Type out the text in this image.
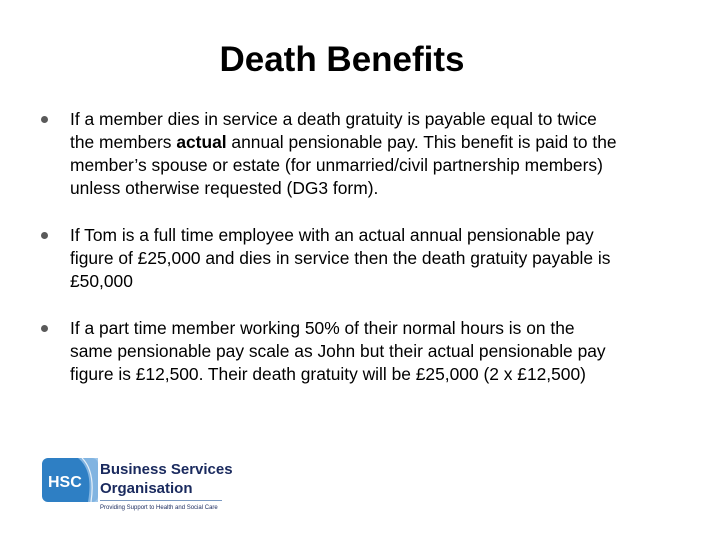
Death Benefits
If a member dies in service a death gratuity is payable equal to twice
the members actual annual pensionable pay. This benefit is paid to the
member’s spouse or estate (for unmarried/civil partnership members)
unless otherwise requested (DG3 form).
If Tom is a full time employee with an actual annual pensionable pay
figure of £25,000 and dies in service then the death gratuity payable is
£50,000
If a part time member working 50% of their normal hours is on the
same pensionable pay scale as John but their actual pensionable pay
figure is £12,500. Their death gratuity will be £25,000 (2 x £12,500)
HSC
Business Services
Organisation
Providing Support to Health and Social Care
